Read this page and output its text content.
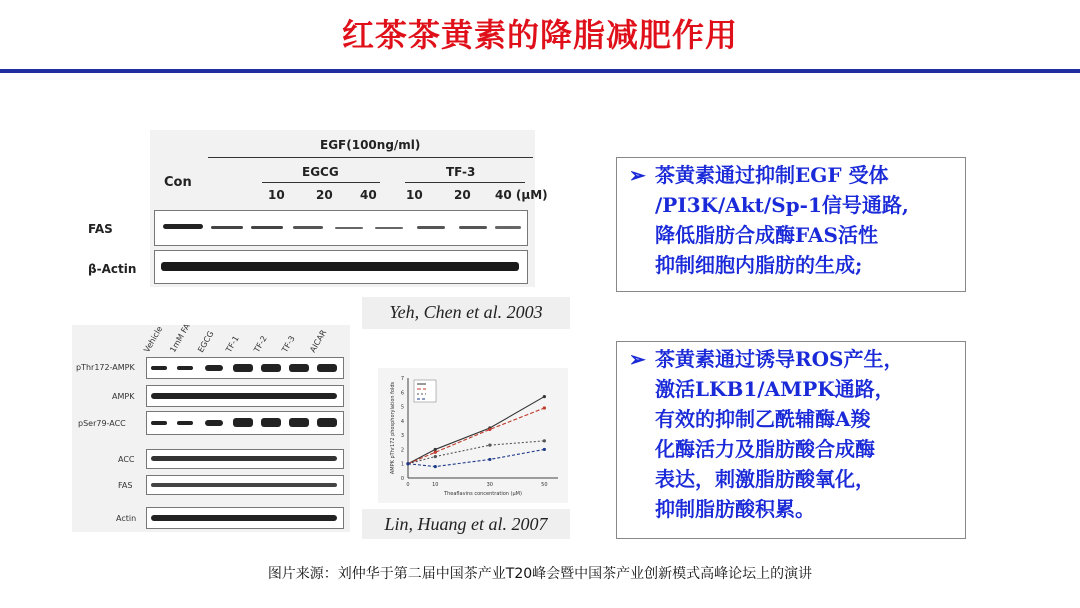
红茶茶黄素的降脂减肥作用
EGF(100ng/ml)
Con
EGCG	TF-3
10	20 40 10	20 40 (μM)
FAS
β-Actin
Yeh, Chen et al. 2003
Vehicle 1mM FA EGCG TF-1 TF-2 TF-3 AICAR
pThr172-AMPK
AMPK
pSer79-ACC
ACC
FAS
Actin
0
1
2
3
4
5
6
7
0	10	30	50
Theaflavins concentration (μM)
AMPK pThr172 phosphorylation folds
Lin, Huang et al. 2007
➢ 茶黄素通过抑制EGF 受体
/PI3K/Akt/Sp-1信号通路,
降低脂肪合成酶FAS活性
抑制细胞内脂肪的生成;
➢ 茶黄素通过诱导ROS产生，
激活LKB1/AMPK通路，
有效的抑制乙酰辅酶A羧
化酶活力及脂肪酸合成酶
表达，刺激脂肪酸氧化，
抑制脂肪酸积累。
图片来源：刘仲华于第二届中国茶产业T20峰会暨中国茶产业创新模式高峰论坛上的演讲
